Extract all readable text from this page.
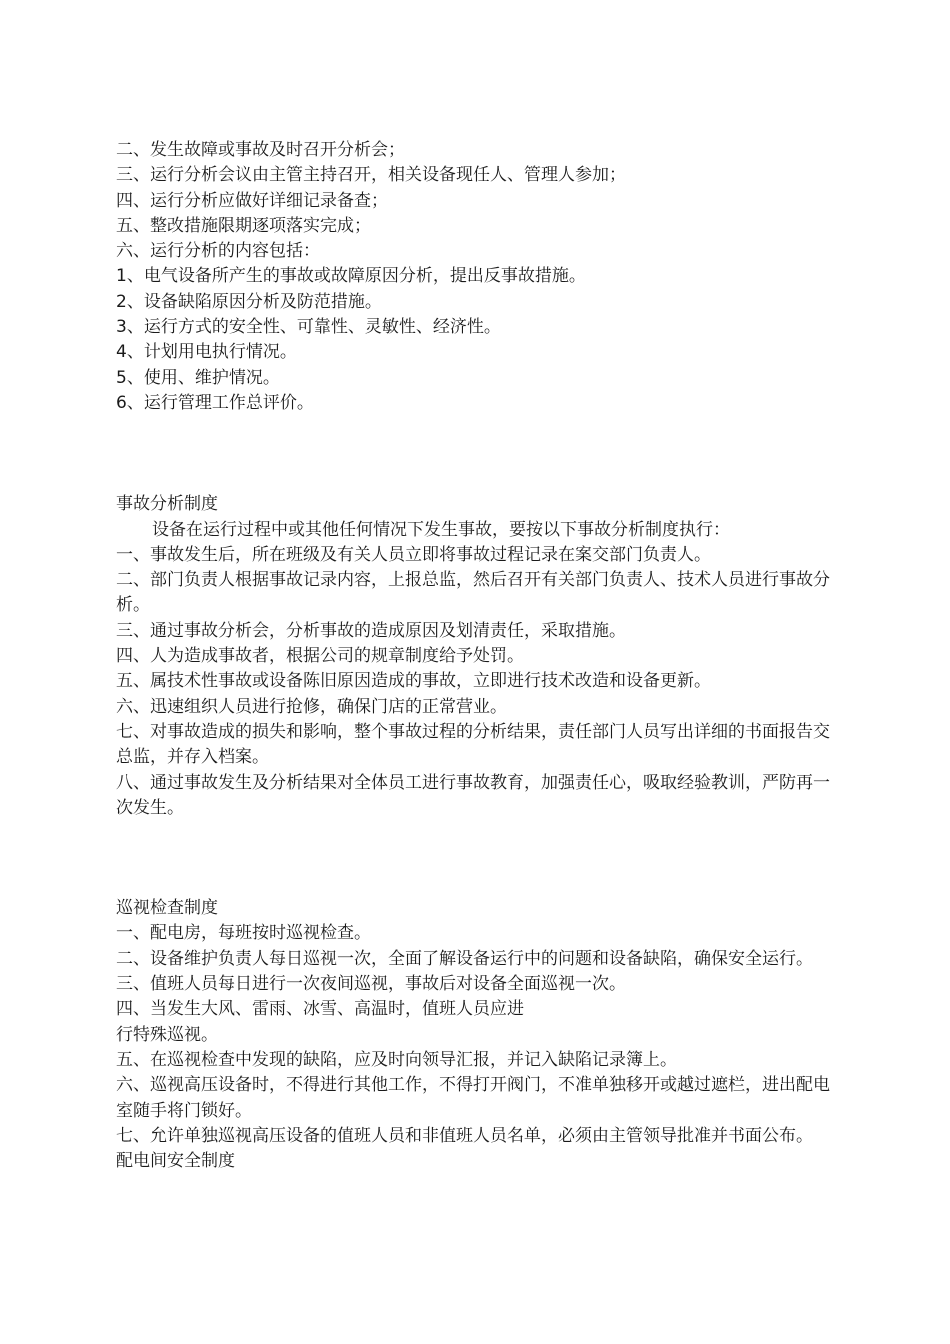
二、发生故障或事故及时召开分析会；

三、运行分析会议由主管主持召开，相关设备现任人、管理人参加；

四、运行分析应做好详细记录备查；

五、整改措施限期逐项落实完成；

六、运行分析的内容包括：

1、电气设备所产生的事故或故障原因分析，提出反事故措施。

2、设备缺陷原因分析及防范措施。

3、运行方式的安全性、可靠性、灵敏性、经济性。

4、计划用电执行情况。

5、使用、维护情况。

6、运行管理工作总评价。

事故分析制度

设备在运行过程中或其他任何情况下发生事故，要按以下事故分析制度执行：

一、事故发生后，所在班级及有关人员立即将事故过程记录在案交部门负责人。

二、部门负责人根据事故记录内容，上报总监，然后召开有关部门负责人、技术人员进行事故分析。

三、通过事故分析会，分析事故的造成原因及划清责任，采取措施。

四、人为造成事故者，根据公司的规章制度给予处罚。

五、属技术性事故或设备陈旧原因造成的事故，立即进行技术改造和设备更新。

六、迅速组织人员进行抢修，确保门店的正常营业。

七、对事故造成的损失和影响，整个事故过程的分析结果，责任部门人员写出详细的书面报告交总监，并存入档案。

八、通过事故发生及分析结果对全体员工进行事故教育，加强责任心，吸取经验教训，严防再一次发生。

巡视检查制度

一、配电房，每班按时巡视检查。

二、设备维护负责人每日巡视一次，全面了解设备运行中的问题和设备缺陷，确保安全运行。

三、值班人员每日进行一次夜间巡视，事故后对设备全面巡视一次。

四、当发生大风、雷雨、冰雪、高温时，值班人员应进

行特殊巡视。

五、在巡视检查中发现的缺陷，应及时向领导汇报，并记入缺陷记录簿上。

六、巡视高压设备时，不得进行其他工作，不得打开阀门，不准单独移开或越过遮栏，进出配电室随手将门锁好。

七、允许单独巡视高压设备的值班人员和非值班人员名单，必须由主管领导批准并书面公布。

配电间安全制度
